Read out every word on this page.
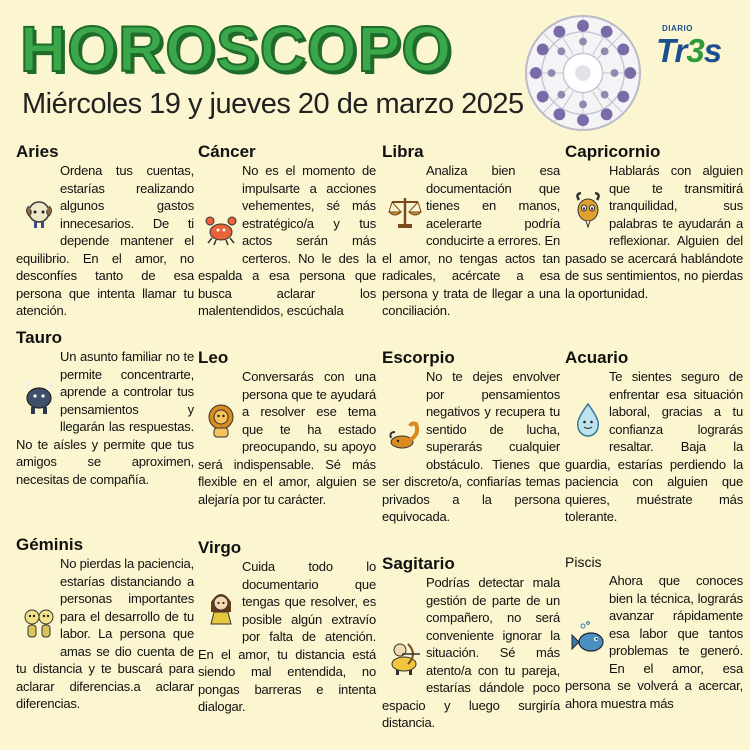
HOROSCOPO
Miércoles 19 y jueves 20 de marzo 2025
DIARIO
Tr3s
Aries
Ordena tus cuentas, estarías realizando algunos gastos innecesarios. De ti depende mantener el equilibrio. En el amor, no desconfíes tanto de esa persona que intenta llamar tu atención.
Tauro
Un asunto familiar no te permite concentrarte, aprende a controlar tus pensamientos y llegarán las respuestas. No te aísles y permite que tus amigos se aproximen, necesitas de compañía.
Géminis
No pierdas la paciencia, estarías distanciando a personas importantes para el desarrollo de tu labor. La persona que amas se dio cuenta de tu distancia y te buscará para aclarar diferencias.a aclarar diferencias.
Cáncer
No es el momento de impulsarte a acciones vehementes, sé más estratégico/a y tus actos serán más certeros. No le des la espalda a esa persona que busca aclarar los malentendidos, escúchala
Leo
Conversarás con una persona que te ayudará a resolver ese tema que te ha estado preocupando, su apoyo será indispensable. Sé más flexible en el amor, alguien se alejaría por tu carácter.
Virgo
Cuida todo lo documentario que tengas que resolver, es posible algún extravío por falta de atención. En el amor, tu distancia está siendo mal entendida, no pongas barreras e intenta dialogar.
Libra
Analiza bien esa documentación que tienes en manos, acelerarte podría conducirte a errores. En el amor, no tengas actos tan radicales, acércate a esa persona y trata de llegar a una conciliación.
Escorpio
No te dejes envolver por pensamientos negativos y recupera tu sentido de lucha, superarás cualquier obstáculo. Tienes que ser discreto/a, confiarías temas privados a la persona equivocada.
Sagitario
Podrías detectar mala gestión de parte de un compañero, no será conveniente ignorar la situación. Sé más atento/a con tu pareja, estarías dándole poco espacio y luego surgiría distancia.
Capricornio
Hablarás con alguien que te transmitirá tranquilidad, sus palabras te ayudarán a reflexionar. Alguien del pasado se acercará hablándote de sus sentimientos, no pierdas la oportunidad.
Acuario
Te sientes seguro de enfrentar esa situación laboral, gracias a tu confianza lograrás resaltar. Baja la guardia, estarías perdiendo la paciencia con alguien que quieres, muéstrate más tolerante.
Piscis
Ahora que conoces bien la técnica, lograrás avanzar rápidamente esa labor que tantos problemas te generó. En el amor, esa persona se volverá a acercar, ahora muestra más
